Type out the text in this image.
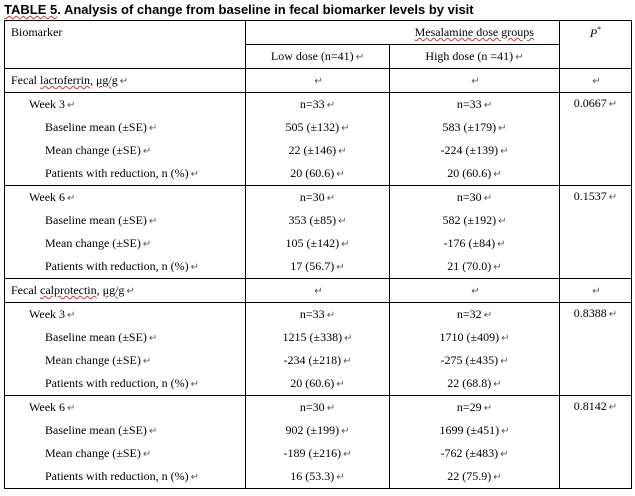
TABLE 5. Analysis of change from baseline in fecal biomarker levels by visit
Biomarker		Mesalamine dose groups	P*
	Low dose (n=41) ↵	High dose (n =41) ↵	
Fecal lactoferrin, μg/g ↵	↵	↵	↵
Week 3 ↵	n=33 ↵	n=33 ↵	0.0667 ↵
Baseline mean (±SE) ↵	505 (±132) ↵	583 (±179) ↵	
Mean change (±SE) ↵	22 (±146) ↵	-224 (±139) ↵	
Patients with reduction, n (%) ↵	20 (60.6) ↵	20 (60.6) ↵	
Week 6 ↵	n=30 ↵	n=30 ↵	0.1537 ↵
Baseline mean (±SE) ↵	353 (±85) ↵	582 (±192) ↵	
Mean change (±SE) ↵	105 (±142) ↵	-176 (±84) ↵	
Patients with reduction, n (%) ↵	17 (56.7) ↵	21 (70.0) ↵	
Fecal calprotectin, μg/g ↵	↵	↵	↵
Week 3 ↵	n=33 ↵	n=32 ↵	0.8388 ↵
Baseline mean (±SE) ↵	1215 (±338) ↵	1710 (±409) ↵	
Mean change (±SE) ↵	-234 (±218) ↵	-275 (±435) ↵	
Patients with reduction, n (%) ↵	20 (60.6) ↵	22 (68.8) ↵	
Week 6 ↵	n=30 ↵	n=29 ↵	0.8142 ↵
Baseline mean (±SE) ↵	902 (±199) ↵	1699 (±451) ↵	
Mean change (±SE) ↵	-189 (±216) ↵	-762 (±483) ↵	
Patients with reduction, n (%) ↵	16 (53.3) ↵	22 (75.9) ↵	
